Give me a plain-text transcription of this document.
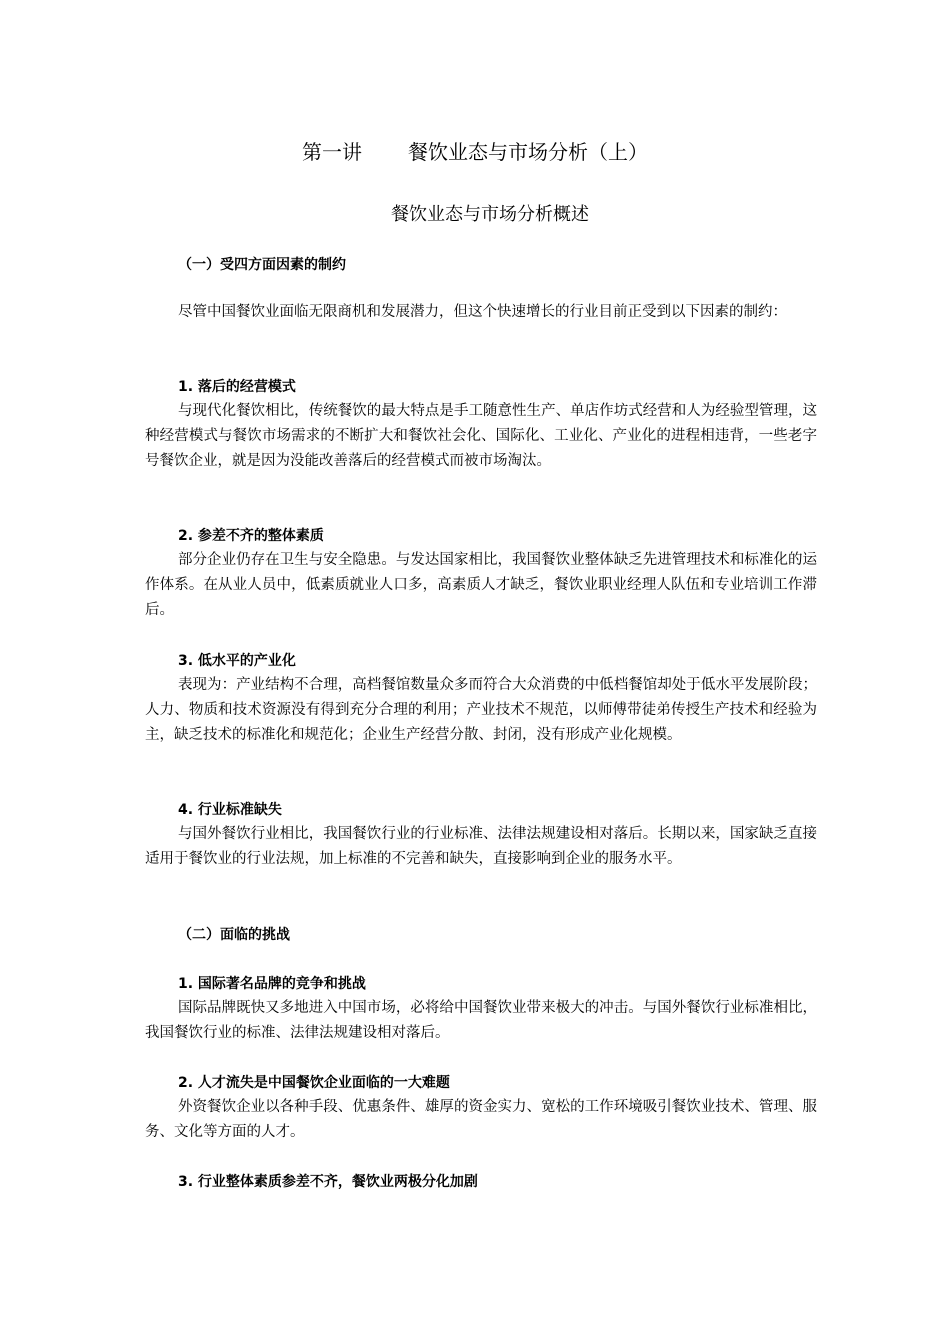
第一讲 餐饮业态与市场分析（上）
餐饮业态与市场分析概述
（一）受四方面因素的制约

尽管中国餐饮业面临无限商机和发展潜力，但这个快速增长的行业目前正受到以下因素的制约：

1. 落后的经营模式

与现代化餐饮相比，传统餐饮的最大特点是手工随意性生产、单店作坊式经营和人为经验型管理，这种经营模式与餐饮市场需求的不断扩大和餐饮社会化、国际化、工业化、产业化的进程相违背，一些老字号餐饮企业，就是因为没能改善落后的经营模式而被市场淘汰。

2. 参差不齐的整体素质

部分企业仍存在卫生与安全隐患。与发达国家相比，我国餐饮业整体缺乏先进管理技术和标准化的运作体系。在从业人员中，低素质就业人口多，高素质人才缺乏，餐饮业职业经理人队伍和专业培训工作滞后。

3. 低水平的产业化

表现为：产业结构不合理，高档餐馆数量众多而符合大众消费的中低档餐馆却处于低水平发展阶段；人力、物质和技术资源没有得到充分合理的利用；产业技术不规范，以师傅带徒弟传授生产技术和经验为主，缺乏技术的标准化和规范化；企业生产经营分散、封闭，没有形成产业化规模。

4. 行业标准缺失

与国外餐饮行业相比，我国餐饮行业的行业标准、法律法规建设相对落后。长期以来，国家缺乏直接适用于餐饮业的行业法规，加上标准的不完善和缺失，直接影响到企业的服务水平。

（二）面临的挑战
1. 国际著名品牌的竞争和挑战

国际品牌既快又多地进入中国市场，必将给中国餐饮业带来极大的冲击。与国外餐饮行业标准相比，我国餐饮行业的标准、法律法规建设相对落后。

2. 人才流失是中国餐饮企业面临的一大难题

外资餐饮企业以各种手段、优惠条件、雄厚的资金实力、宽松的工作环境吸引餐饮业技术、管理、服务、文化等方面的人才。

3. 行业整体素质参差不齐，餐饮业两极分化加剧
